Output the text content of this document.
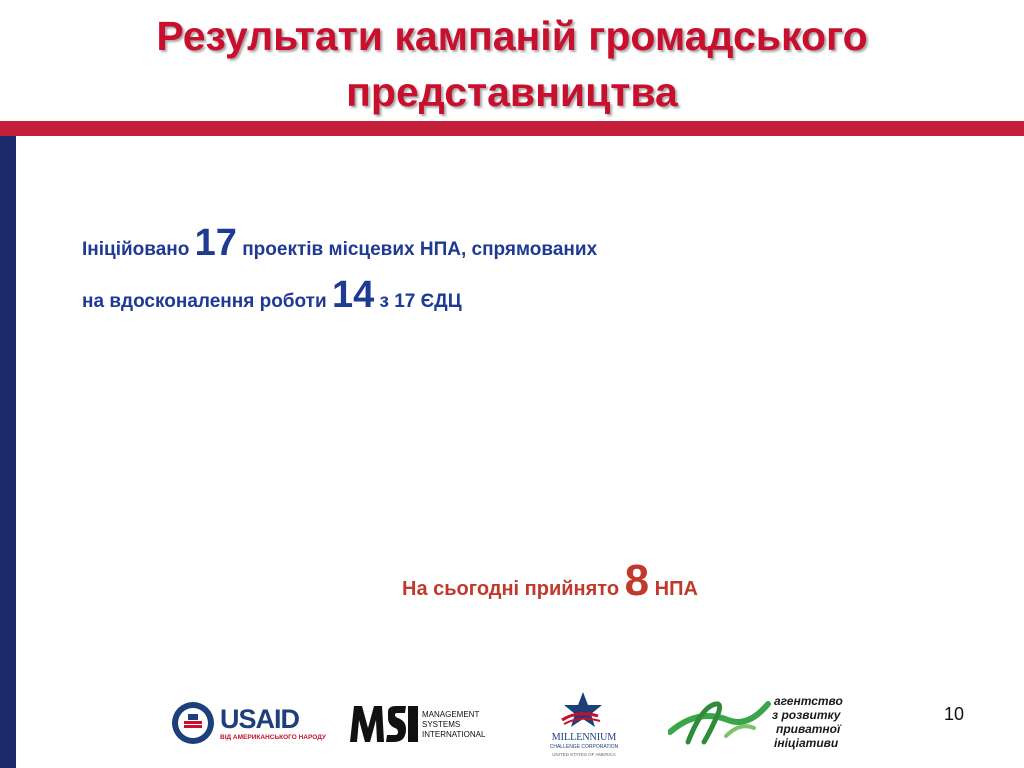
Результати кампаній громадського
представництва
Ініційовано 17 проектів місцевих НПА, спрямованих
на вдосконалення роботи 14 з 17 ЄДЦ
На сьогодні прийнято 8 НПА
USAID
ВІД АМЕРИКАНСЬКОГО НАРОДУ
MANAGEMENT
SYSTEMS
INTERNATIONAL	MILLENNIUM
CHALLENGE CORPORATION
UNITED STATES OF AMERICA
агентство
з розвитку
приватної
ініціативи
10
